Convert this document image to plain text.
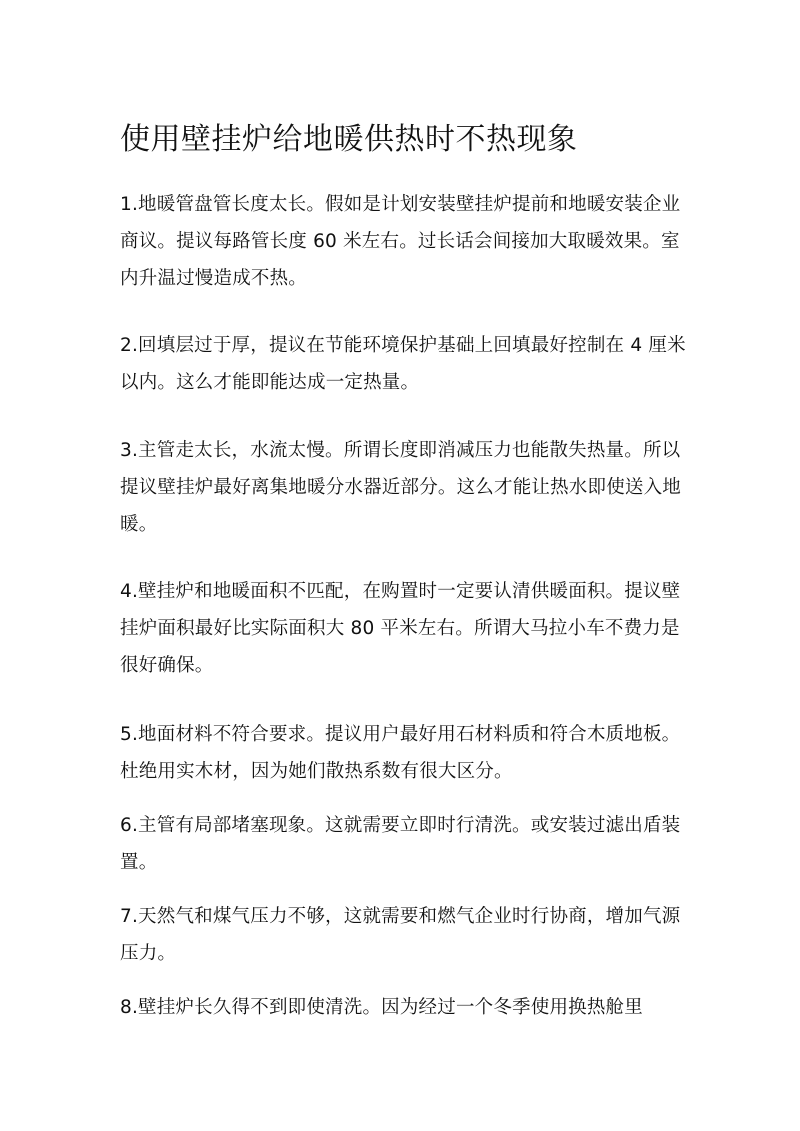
使用壁挂炉给地暖供热时不热现象

1.地暖管盘管长度太长。假如是计划安装壁挂炉提前和地暖安装企业商议。提议每路管长度 60 米左右。过长话会间接加大取暖效果。室内升温过慢造成不热。

2.回填层过于厚，提议在节能环境保护基础上回填最好控制在 4 厘米以内。这么才能即能达成一定热量。

3.主管走太长，水流太慢。所谓长度即消减压力也能散失热量。所以提议壁挂炉最好离集地暖分水器近部分。这么才能让热水即使送入地暖。

4.壁挂炉和地暖面积不匹配，在购置时一定要认清供暖面积。提议壁挂炉面积最好比实际面积大 80 平米左右。所谓大马拉小车不费力是很好确保。

5.地面材料不符合要求。提议用户最好用石材料质和符合木质地板。杜绝用实木材，因为她们散热系数有很大区分。

6.主管有局部堵塞现象。这就需要立即时行清洗。或安装过滤出盾装置。

7.天然气和煤气压力不够，这就需要和燃气企业时行协商，增加气源压力。

8.壁挂炉长久得不到即使清洗。因为经过一个冬季使用换热舱里
